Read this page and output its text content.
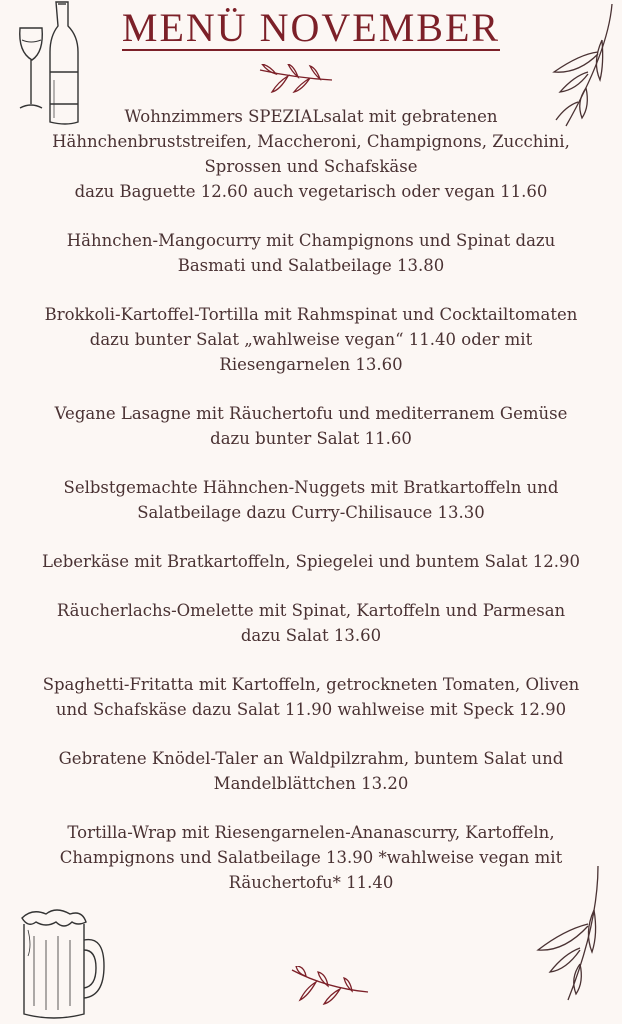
MENÜ NOVEMBER
Wohnzimmers SPEZIALsalat mit gebratenen
Hähnchenbruststreifen, Maccheroni, Champignons, Zucchini,
Sprossen und Schafskäse
dazu Baguette 12.60 auch vegetarisch oder vegan 11.60
Hähnchen-Mangocurry mit Champignons und Spinat dazu
Basmati und Salatbeilage 13.80
Brokkoli-Kartoffel-Tortilla mit Rahmspinat und Cocktailtomaten
dazu bunter Salat „wahlweise vegan“ 11.40 oder mit
Riesengarnelen 13.60
Vegane Lasagne mit Räuchertofu und mediterranem Gemüse
dazu bunter Salat 11.60
Selbstgemachte Hähnchen-Nuggets mit Bratkartoffeln und
Salatbeilage dazu Curry-Chilisauce 13.30
Leberkäse mit Bratkartoffeln, Spiegelei und buntem Salat 12.90
Räucherlachs-Omelette mit Spinat, Kartoffeln und Parmesan
dazu Salat 13.60
Spaghetti-Fritatta mit Kartoffeln, getrockneten Tomaten, Oliven
und Schafskäse dazu Salat 11.90 wahlweise mit Speck 12.90
Gebratene Knödel-Taler an Waldpilzrahm, buntem Salat und
Mandelblättchen 13.20
Tortilla-Wrap mit Riesengarnelen-Ananascurry, Kartoffeln,
Champignons und Salatbeilage 13.90 *wahlweise vegan mit
Räuchertofu* 11.40
